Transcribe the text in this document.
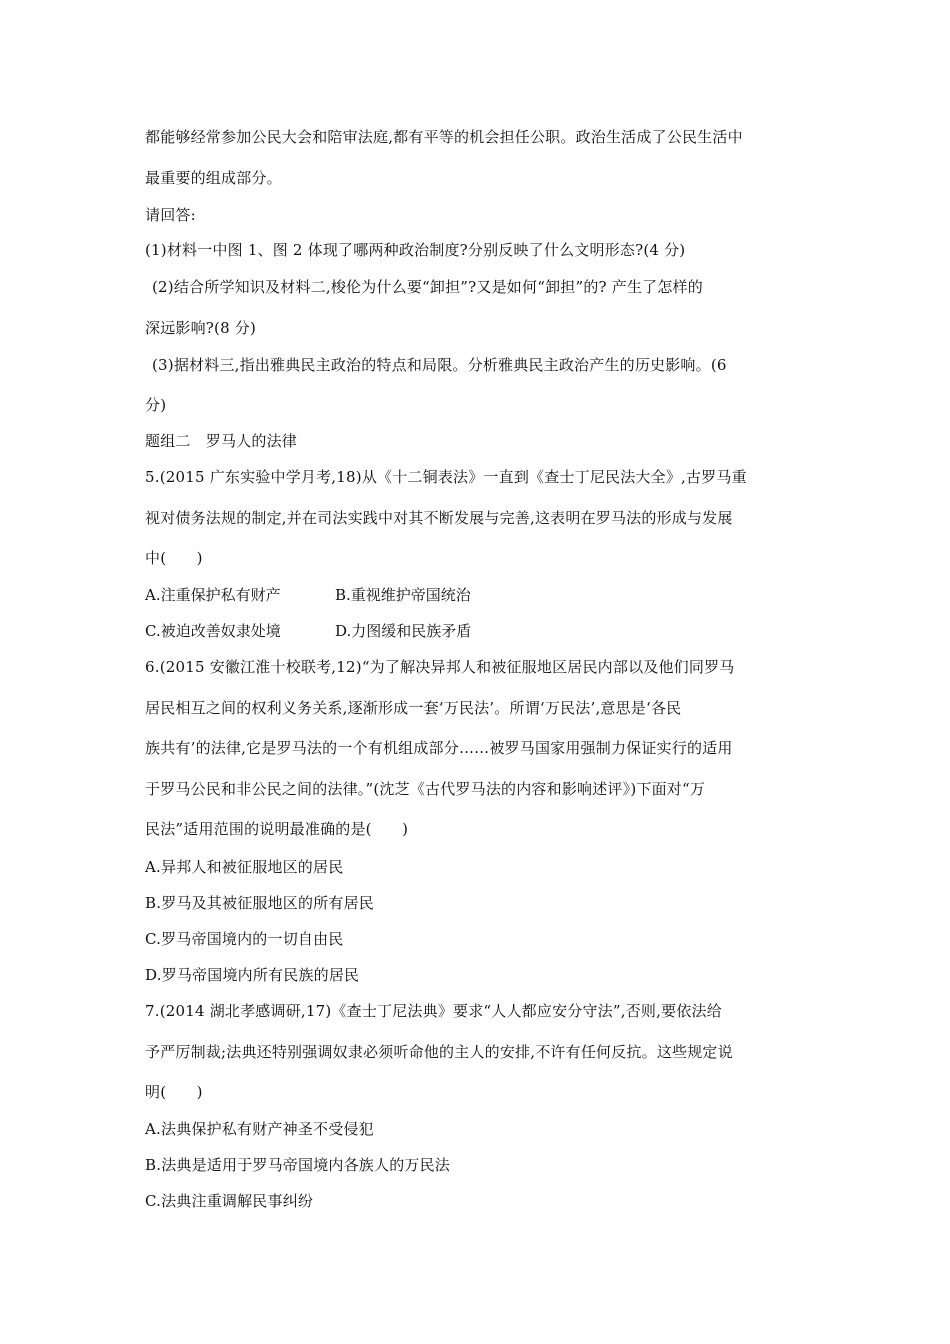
都能够经常参加公民大会和陪审法庭,都有平等的机会担任公职。政治生活成了公民生活中
最重要的组成部分。
请回答:
(1)材料一中图 1、图 2 体现了哪两种政治制度?分别反映了什么文明形态?(4 分)
(2)结合所学知识及材料二,梭伦为什么要“卸担”?又是如何“卸担”的? 产生了怎样的
深远影响?(8 分)
(3)据材料三,指出雅典民主政治的特点和局限。分析雅典民主政治产生的历史影响。(6
分)
题组二　罗马人的法律
5.(2015 广东实验中学月考,18)从《十二铜表法》一直到《查士丁尼民法大全》,古罗马重
视对债务法规的制定,并在司法实践中对其不断发展与完善,这表明在罗马法的形成与发展
中(　　)
A.注重保护私有财产	B.重视维护帝国统治
C.被迫改善奴隶处境	D.力图缓和民族矛盾
6.(2015 安徽江淮十校联考,12)“为了解决异邦人和被征服地区居民内部以及他们同罗马
居民相互之间的权利义务关系,逐渐形成一套‘万民法’。所谓‘万民法’,意思是‘各民
族共有’的法律,它是罗马法的一个有机组成部分……被罗马国家用强制力保证实行的适用
于罗马公民和非公民之间的法律。”(沈芝《古代罗马法的内容和影响述评》)下面对“万
民法”适用范围的说明最准确的是(　　)
A.异邦人和被征服地区的居民
B.罗马及其被征服地区的所有居民
C.罗马帝国境内的一切自由民
D.罗马帝国境内所有民族的居民
7.(2014 湖北孝感调研,17)《查士丁尼法典》要求“人人都应安分守法”,否则,要依法给
予严厉制裁;法典还特别强调奴隶必须听命他的主人的安排,不许有任何反抗。这些规定说
明(　　)
A.法典保护私有财产神圣不受侵犯
B.法典是适用于罗马帝国境内各族人的万民法
C.法典注重调解民事纠纷
